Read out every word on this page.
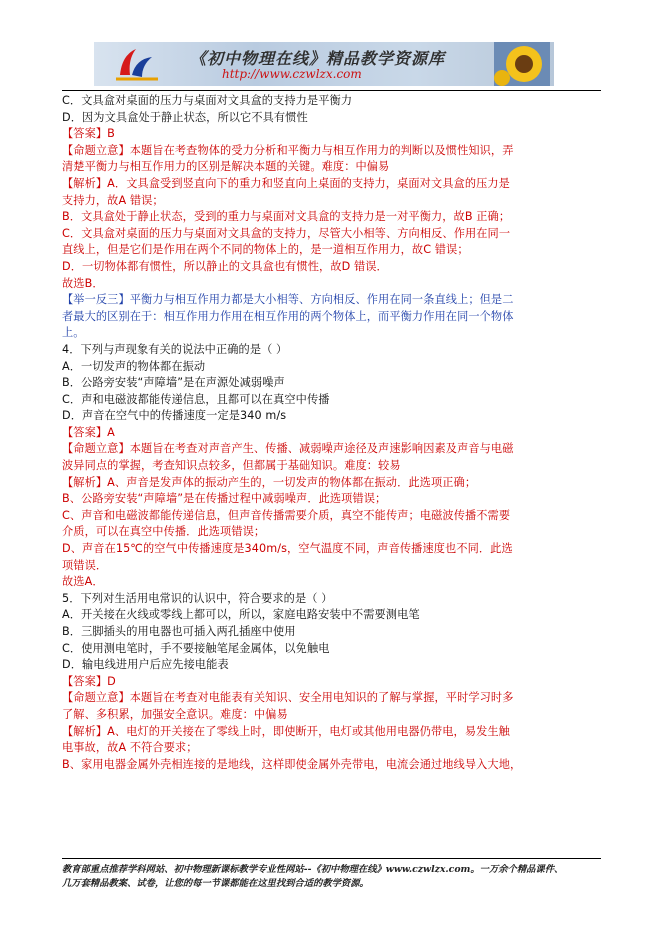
《初中物理在线》精品教学资源库
http://www.czwlzx.com
C．文具盒对桌面的压力与桌面对文具盒的支持力是平衡力
D．因为文具盒处于静止状态，所以它不具有惯性
【答案】B
【命题立意】本题旨在考查物体的受力分析和平衡力与相互作用力的判断以及惯性知识，弄
清楚平衡力与相互作用力的区别是解决本题的关键。难度：中偏易
【解析】A．文具盒受到竖直向下的重力和竖直向上桌面的支持力，桌面对文具盒的压力是
支持力，故A 错误；
B．文具盒处于静止状态，受到的重力与桌面对文具盒的支持力是一对平衡力，故B 正确；
C．文具盒对桌面的压力与桌面对文具盒的支持力，尽管大小相等、方向相反、作用在同一
直线上，但是它们是作用在两个不同的物体上的，是一道相互作用力，故C 错误；
D．一切物体都有惯性，所以静止的文具盒也有惯性，故D 错误．
故选B．
【举一反三】平衡力与相互作用力都是大小相等、方向相反、作用在同一条直线上；但是二
者最大的区别在于：相互作用力作用在相互作用的两个物体上，而平衡力作用在同一个物体
上。
4．下列与声现象有关的说法中正确的是（ ）
A．一切发声的物体都在振动
B．公路旁安装“声障墙”是在声源处减弱噪声
C．声和电磁波都能传递信息，且都可以在真空中传播
D．声音在空气中的传播速度一定是340 m/s
【答案】A
【命题立意】本题旨在考查对声音产生、传播、减弱噪声途径及声速影响因素及声音与电磁
波异同点的掌握，考查知识点较多，但都属于基础知识。难度：较易
【解析】A、声音是发声体的振动产生的，一切发声的物体都在振动．此选项正确；
B、公路旁安装“声障墙”是在传播过程中减弱噪声．此选项错误；
C、声音和电磁波都能传递信息，但声音传播需要介质，真空不能传声；电磁波传播不需要
介质，可以在真空中传播．此选项错误；
D、声音在15℃的空气中传播速度是340m/s，空气温度不同，声音传播速度也不同．此选
项错误．
故选A．
5．下列对生活用电常识的认识中，符合要求的是（ ）
A．开关接在火线或零线上都可以，所以，家庭电路安装中不需要测电笔
B．三脚插头的用电器也可插入两孔插座中使用
C．使用测电笔时，手不要接触笔尾金属体，以免触电
D．输电线进用户后应先接电能表
【答案】D
【命题立意】本题旨在考查对电能表有关知识、安全用电知识的了解与掌握，平时学习时多
了解、多积累，加强安全意识。难度：中偏易
【解析】A、电灯的开关接在了零线上时，即使断开，电灯或其他用电器仍带电，易发生触
电事故，故A 不符合要求；
B、家用电器金属外壳相连接的是地线，这样即使金属外壳带电，电流会通过地线导入大地，
教育部重点推荐学科网站、初中物理新课标教学专业性网站--《初中物理在线》www.czwlzx.com。一万余个精品课件、
几万套精品教案、试卷，让您的每一节课都能在这里找到合适的教学资源。
